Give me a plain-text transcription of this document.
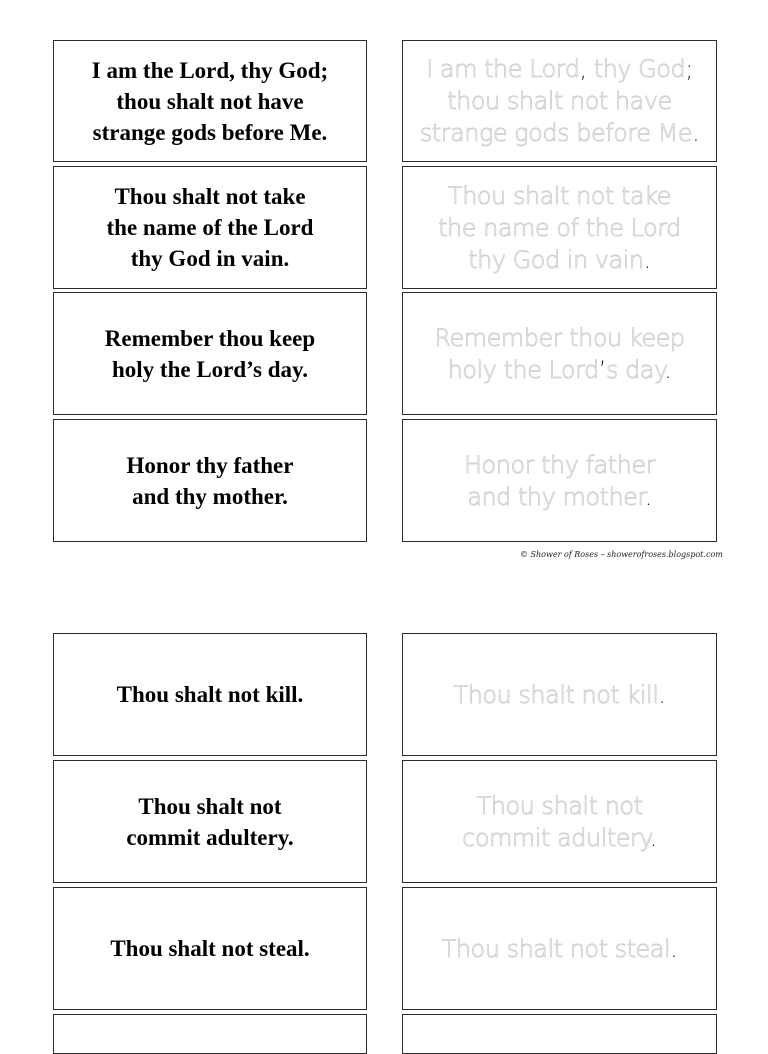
I am the Lord, thy God;
thou shalt not have
strange gods before Me.

Thou shalt not take
the name of the Lord
thy God in vain.

Remember thou keep
holy the Lord’s day.

Honor thy father
and thy mother.

Thou shalt not kill.

Thou shalt not
commit adultery.

Thou shalt not steal.

I am the Lord, thy God;
thou shalt not have
strange gods before Me.

Thou shalt not take
the name of the Lord
thy God in vain.

Remember thou keep
holy the Lord’s day.

Honor thy father
and thy mother.

Thou shalt not kill.

Thou shalt not
commit adultery.

Thou shalt not steal.

© Shower of Roses – showerofroses.blogspot.com
